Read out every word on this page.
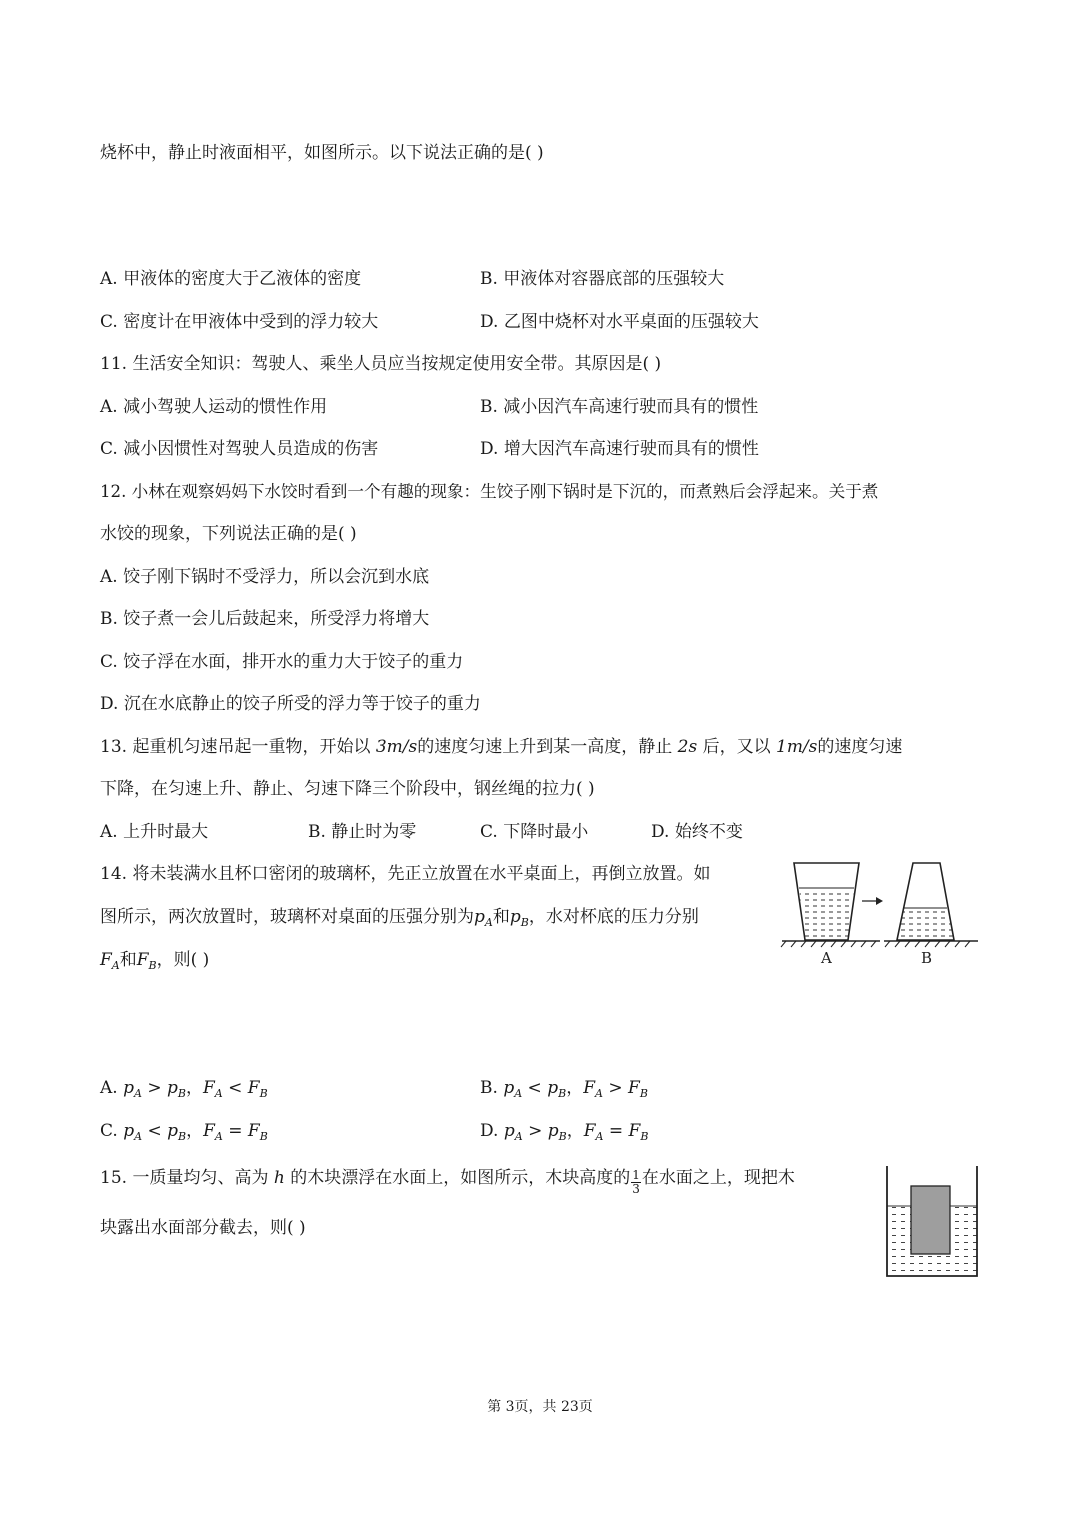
烧杯中，静止时液面相平，如图所示。以下说法正确的是( )
A. 甲液体的密度大于乙液体的密度	B. 甲液体对容器底部的压强较大
C. 密度计在甲液体中受到的浮力较大	D. 乙图中烧杯对水平桌面的压强较大
11. 生活安全知识：驾驶人、乘坐人员应当按规定使用安全带。其原因是( )
A. 减小驾驶人运动的惯性作用	B. 减小因汽车高速行驶而具有的惯性
C. 减小因惯性对驾驶人员造成的伤害	D. 增大因汽车高速行驶而具有的惯性
12. 小林在观察妈妈下水饺时看到一个有趣的现象：生饺子刚下锅时是下沉的，而煮熟后会浮起来。关于煮
水饺的现象，下列说法正确的是( )
A. 饺子刚下锅时不受浮力，所以会沉到水底
B. 饺子煮一会儿后鼓起来，所受浮力将增大
C. 饺子浮在水面，排开水的重力大于饺子的重力
D. 沉在水底静止的饺子所受的浮力等于饺子的重力
13. 起重机匀速吊起一重物，开始以 3m/s的速度匀速上升到某一高度，静止 2s 后，又以 1m/s的速度匀速
下降，在匀速上升、静止、匀速下降三个阶段中，钢丝绳的拉力( )
A. 上升时最大	B. 静止时为零	C. 下降时最小	D. 始终不变
14. 将未装满水且杯口密闭的玻璃杯，先正立放置在水平桌面上，再倒立放置。如
图所示，两次放置时，玻璃杯对桌面的压强分别为$p_A$和$p_B$，水对杯底的压力分别
$F_A$和$F_B$，则( )	A	B
A. $p_A > p_B$，$F_A < F_B$	B. $p_A < p_B$，$F_A > F_B$
C. $p_A < p_B$，$F_A = F_B$	D. $p_A > p_B$，$F_A = F_B$
15. 一质量均匀、高为 h 的木块漂浮在水面上，如图所示，木块高度的 $\frac{1}{3}$ 在水面之上，现把木
块露出水面部分截去，则( )
第 3页，共 23页
